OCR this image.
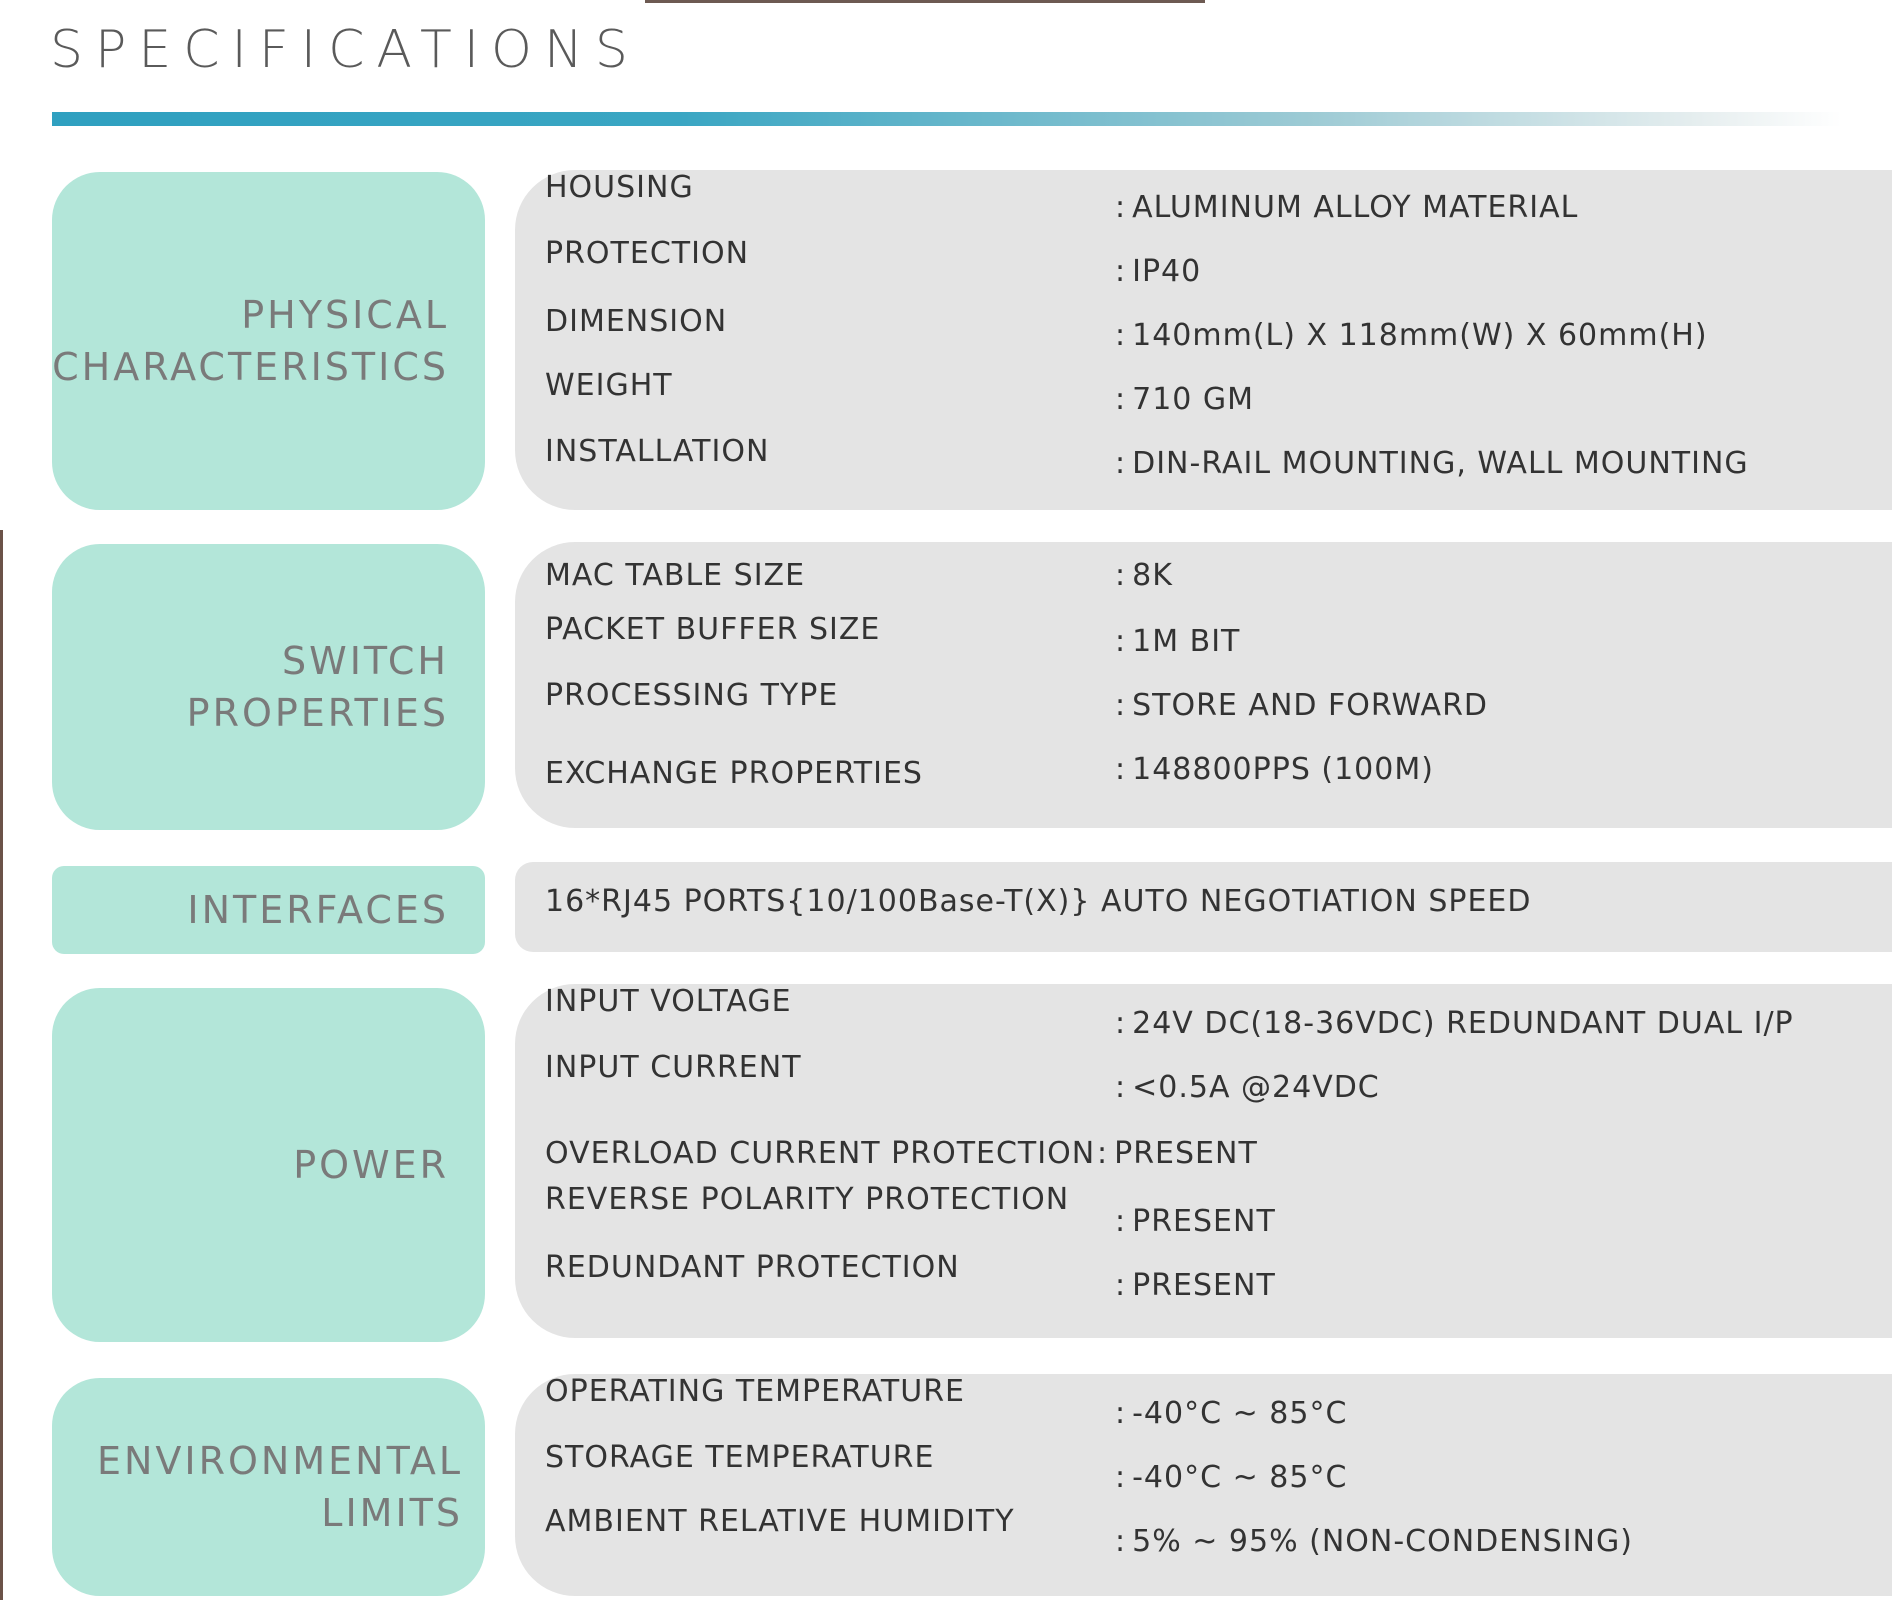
SPECIFICATIONS
PHYSICAL
CHARACTERISTICS
HOUSING
: ALUMINUM ALLOY MATERIAL
PROTECTION
: IP40
DIMENSION	: 140mm(L) X 118mm(W) X 60mm(H)
WEIGHT	: 710 GM
INSTALLATION	: DIN-RAIL MOUNTING, WALL MOUNTING
SWITCH
PROPERTIES
MAC TABLE SIZE	: 8K
PACKET BUFFER SIZE	: 1M BIT
PROCESSING TYPE	: STORE AND FORWARD
EXCHANGE PROPERTIES	: 148800PPS (100M)
INTERFACES	16*RJ45 PORTS{10/100Base-T(X)} AUTO NEGOTIATION SPEED
POWER
INPUT VOLTAGE
: 24V DC(18-36VDC) REDUNDANT DUAL I/P
INPUT CURRENT
: <0.5A @24VDC
OVERLOAD CURRENT PROTECTION : PRESENT
REVERSE POLARITY PROTECTION
: PRESENT
REDUNDANT PROTECTION
: PRESENT
ENVIRONMENTAL
LIMITS
OPERATING TEMPERATURE
: -40°C ~ 85°C
STORAGE TEMPERATURE
: -40°C ~ 85°C
AMBIENT RELATIVE HUMIDITY
: 5% ~ 95% (NON-CONDENSING)
